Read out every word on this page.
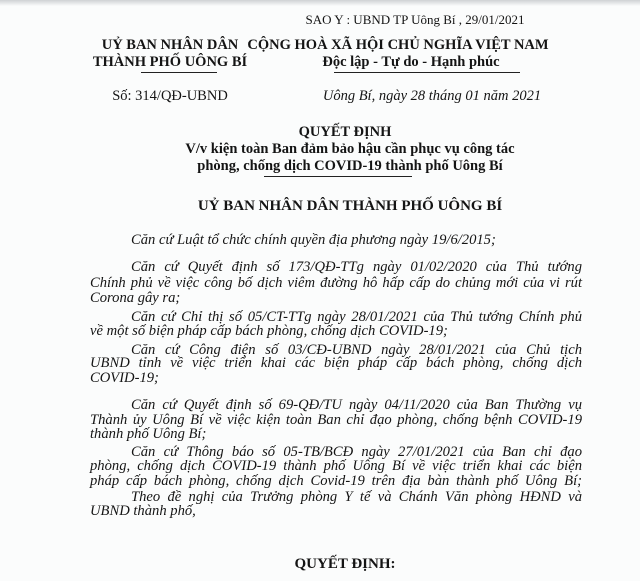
SAO Y : UBND TP Uông Bí , 29/01/2021
UỶ BAN NHÂN DÂN
THÀNH PHỐ UÔNG BÍ
Số: 314/QĐ-UBND
CỘNG HOÀ XÃ HỘI CHỦ NGHĨA VIỆT NAM
Độc lập - Tự do - Hạnh phúc
Uông Bí, ngày 28 tháng 01 năm 2021
QUYẾT ĐỊNH
V/v kiện toàn Ban đảm bảo hậu cần phục vụ công tác
phòng, chống dịch COVID-19 thành phố Uông Bí
UỶ BAN NHÂN DÂN THÀNH PHỐ UÔNG BÍ
Căn cứ Luật tổ chức chính quyền địa phương ngày 19/6/2015;
Căn cứ Quyết định số 173/QĐ-TTg ngày 01/02/2020 của Thủ tướng
Chính phủ về việc công bố dịch viêm đường hô hấp cấp do chủng mới của vi rút
Corona gây ra;
Căn cứ Chỉ thị số 05/CT-TTg ngày 28/01/2021 của Thủ tướng Chính phủ
về một số biện pháp cấp bách phòng, chống dịch COVID-19;
Căn cứ Công điện số 03/CĐ-UBND ngày 28/01/2021 của Chủ tịch
UBND tỉnh về việc triển khai các biện pháp cấp bách phòng, chống dịch
COVID-19;
Căn cứ Quyết định số 69-QĐ/TU ngày 04/11/2020 của Ban Thường vụ
Thành ủy Uông Bí về việc kiện toàn Ban chỉ đạo phòng, chống bệnh COVID-19
thành phố Uông Bí;
Căn cứ Thông báo số 05-TB/BCĐ ngày 27/01/2021 của Ban chỉ đạo
phòng, chống dịch COVID-19 thành phố Uông Bí về việc triển khai các biện
pháp cấp bách phòng, chống dịch Covid-19 trên địa bàn thành phố Uông Bí;
Theo đề nghị của Trưởng phòng Y tế và Chánh Văn phòng HĐND và
UBND thành phố,
QUYẾT ĐỊNH:
